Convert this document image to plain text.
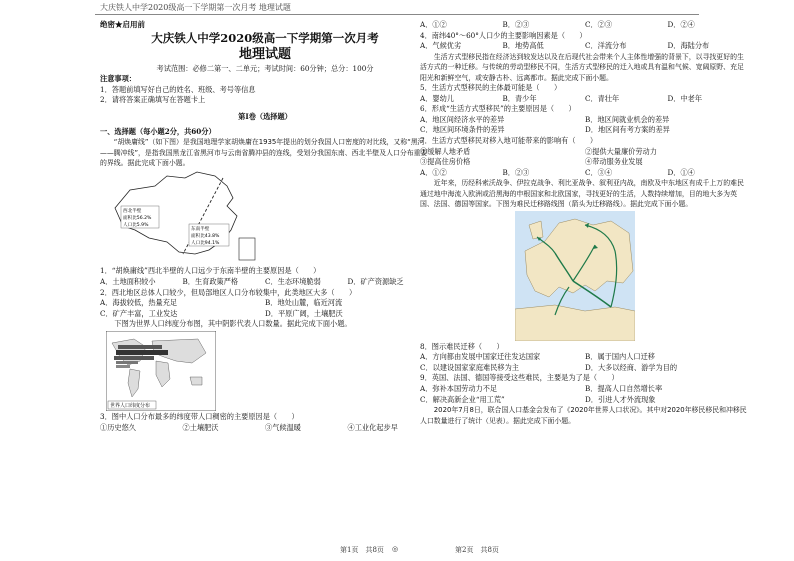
大庆铁人中学2020级高一下学期第一次月考 地理试题

绝密★启用前

大庆铁人中学2020级高一下学期第一次月考

地理试题

考试范围：必修二第一、二单元；考试时间：60分钟；总分：100分

注意事项：

1．答题前填写好自己的姓名、班级、考号等信息

2．请将答案正确填写在答题卡上

第Ⅰ卷（选择题）

一、选择题（每小题2分，共60分）

“胡焕庸线”（如下图）是我国地理学家胡焕庸在1935年提出的划分我国人口密度的对比线，又称“黑河——腾冲线”，是指我国黑龙江省黑河市与云南省腾冲县的连线，受划分我国东南、西北半壁及人口分布重要的界线。据此完成下面小题。

西北半壁
面积比56.2%
人口比5.9%
东南半壁
面积比43.8%
人口比94.1%

1．“胡焕庸线”西北半壁的人口远少于东南半壁的主要原因是（　　）

A．土地面积较小	B．生育政策严格	C．生态环境脆弱	D．矿产资源缺乏

2．西北地区总体人口较少，但局部地区人口分布较集中，此类地区大多（　　）

A．海拔较低，热量充足	B．地处山麓，临近河流
C．矿产丰富，工业发达	D．平原广阔，土壤肥沃

下图为世界人口纬度分布图，其中阴影代表人口数量。据此完成下面小题。

世界人口纬度分布

3．图中人口分布最多的纬度带人口稠密的主要原因是（　　）

①历史悠久	②土壤肥沃	③气候温暖	④工业化起步早
A．①②	B．②③	C．②③	D．②④

4．南纬40°～60°人口少的主要影响因素是（　　）

A．气候优劣	B．地势高低	C．洋流分布	D．海陆分布

生活方式型移民指在经济达到较发达以及在后现代社会带来个人主体性增强的背景下，以寻找更好的生活方式的一种迁移。与传统的劳动型移民不同，生活方式型移民的迁入地或具有温和气候、宽阔原野、充足阳光和新鲜空气，或安静古朴、远离都市。据此完成下面小题。

5．生活方式型移民的主体最可能是（　　）

A．婴幼儿	B．青少年	C．青壮年	D．中老年

6．形成“生活方式型移民”的主要原因是（　　）

A．地区间经济水平的差异	B．地区间就业机会的差异
C．地区间环境条件的差异	D．地区间有考方案的差异

7．生活方式型移民对移入地可能带来的影响有（　　）

①缓解人地矛盾	②提供大量廉价劳动力
③提高住房价格	④带动服务业发展
A．①②	B．②③	C．③④	D．①④

近年来，历经科索沃战争、伊拉克战争、利比亚战争、叙利亚内战，南欧及中东地区有成千上万的难民通过地中海流入欧洲或沿黑海的申根国家和北欧国家，寻找更好的生活，人数持续增加，目的地大多为英国、法国、德国等国家。下图为难民迁移路线图（箭头为迁移路线）。据此完成下面小题。

8．图示难民迁移（　　）

A．方向都由发展中国家迁往发达国家	B．属于国内人口迁移
C．以建设国家家庭难民移为主	D．大多以经商、游学为目的

9．英国、法国、德国等接受这些难民，主要是为了是（　　）

A．弥补本国劳动力不足	B．提高人口自然增长率
C．解决高新企业“用工荒”	D．引进人才外流现象

2020年7月8日，联合国人口基金会发布了《2020年世界人口状况》。其中对2020年移民移民和冲移民人口数量进行了统计（见表）。据此完成下面小题。

第1页　共8页 ◎	第2页　共8页
